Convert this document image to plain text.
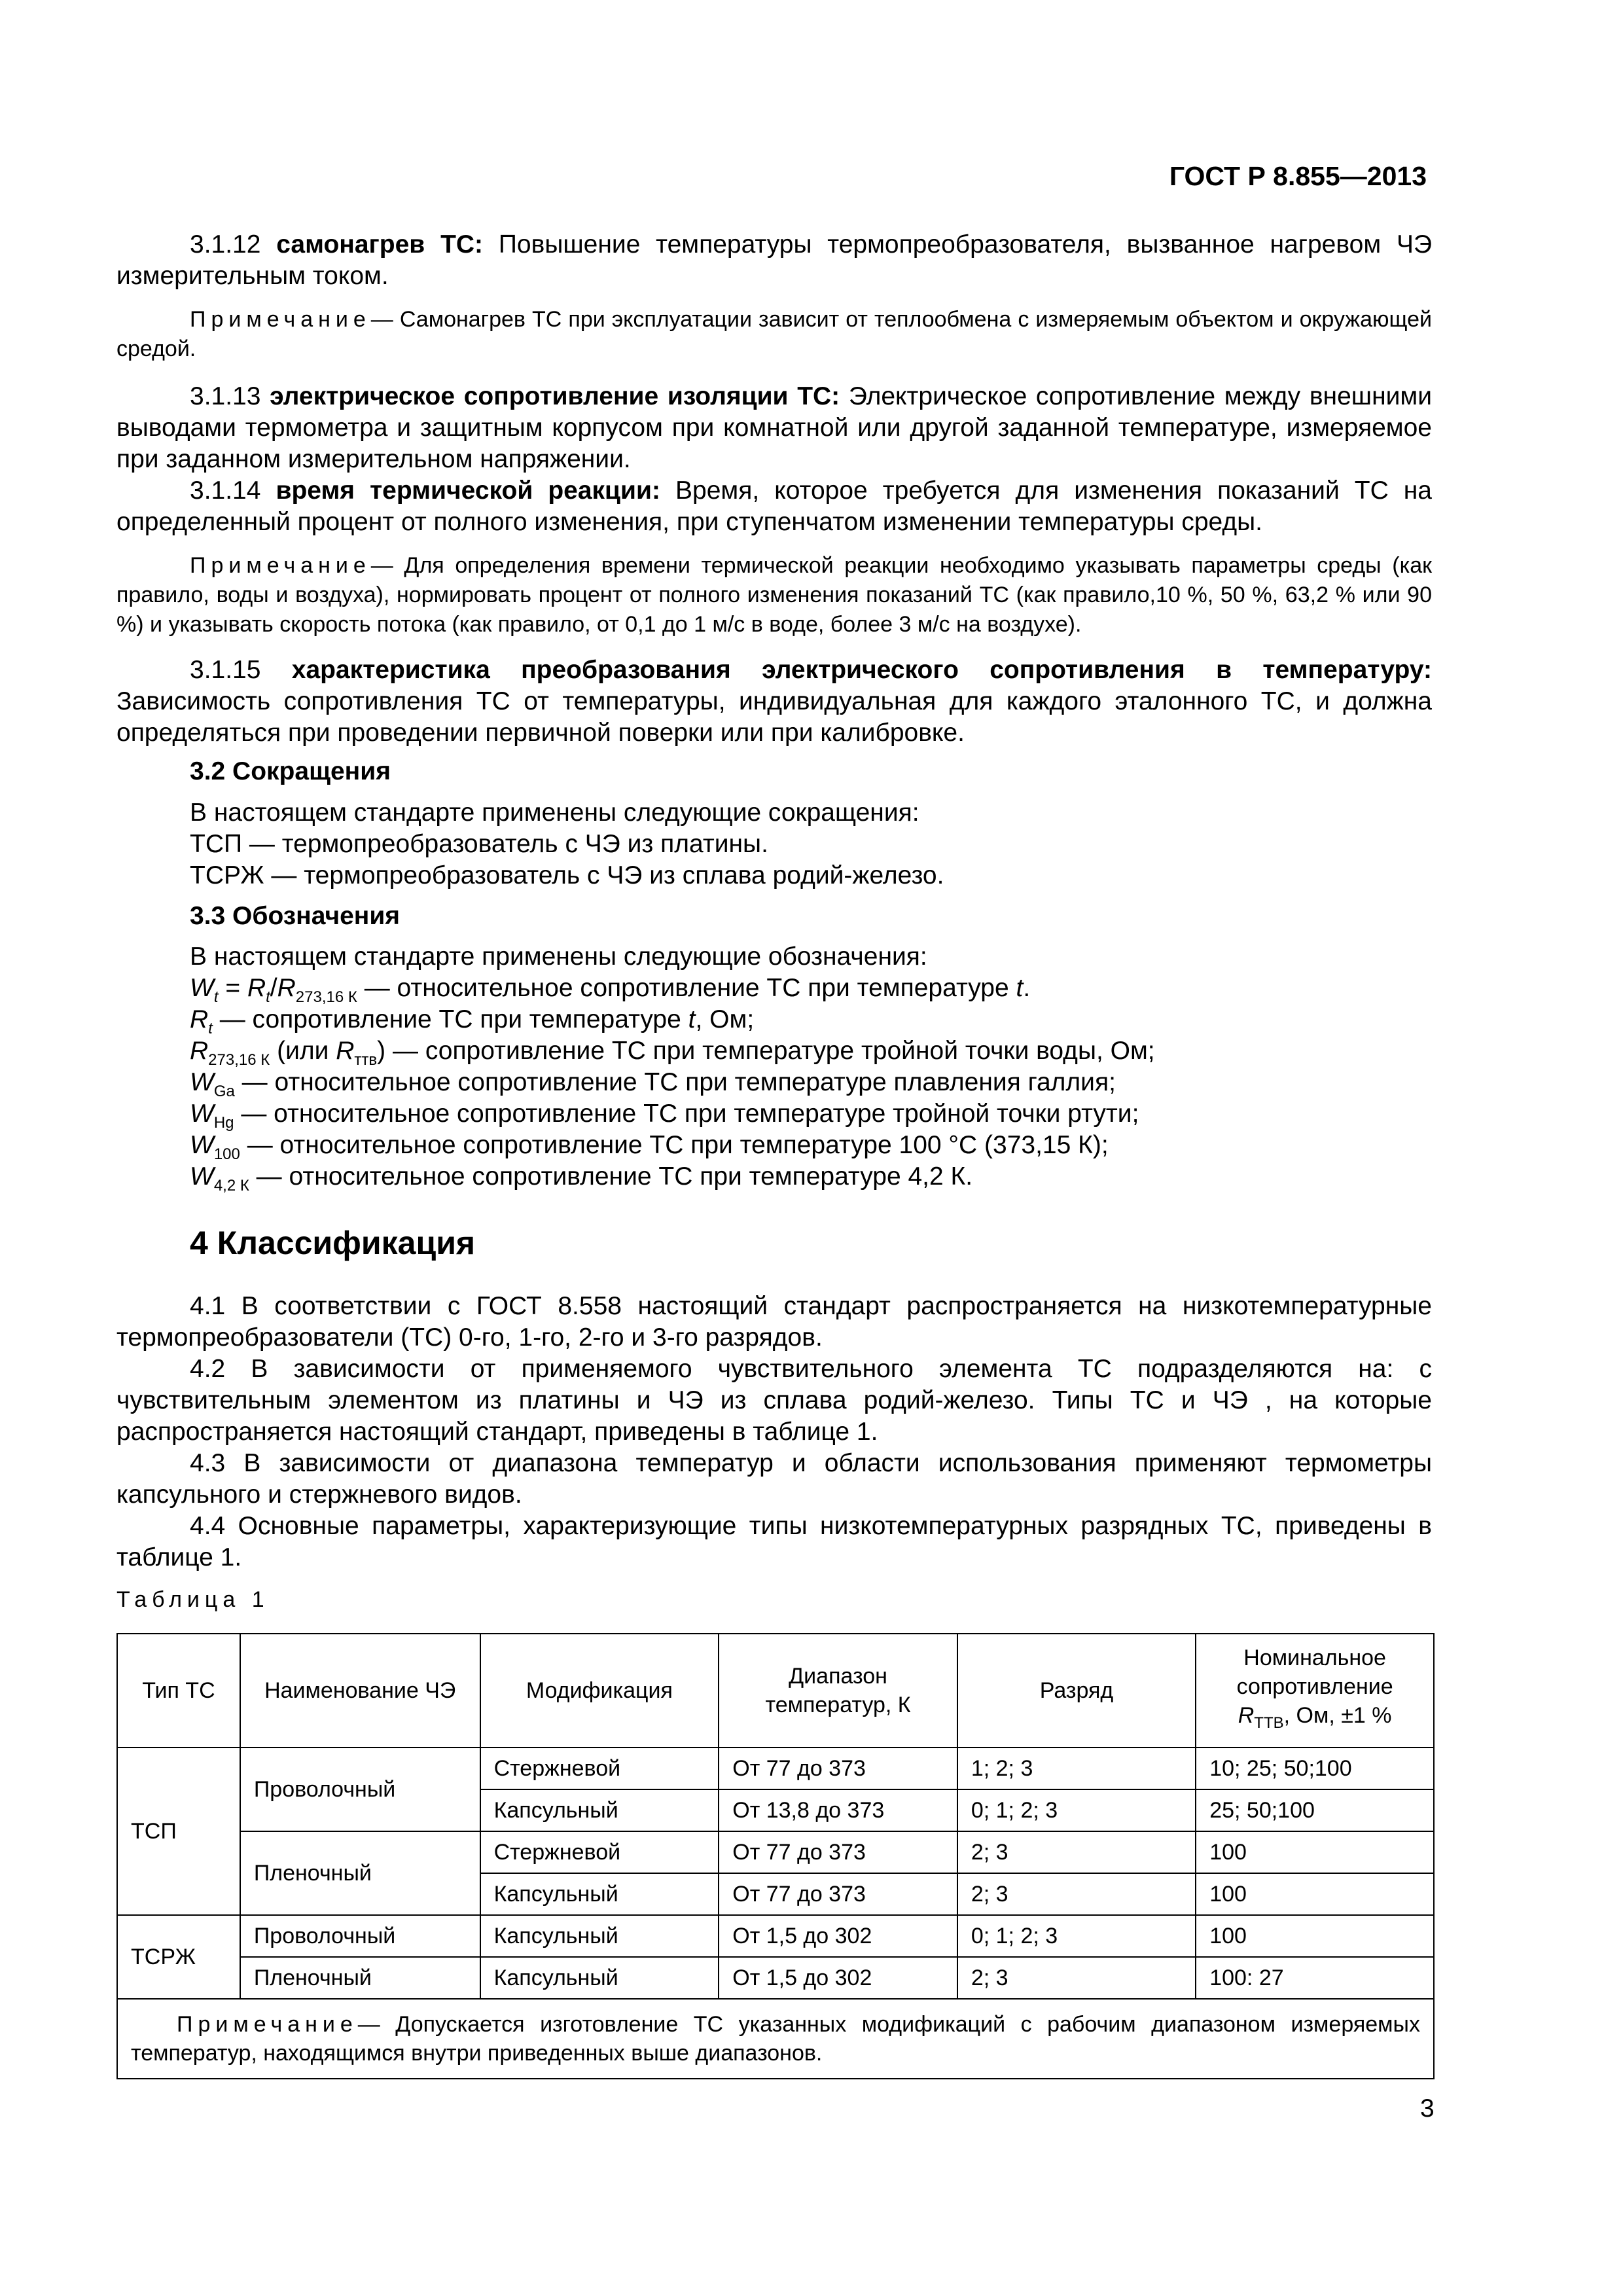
ГОСТ Р 8.855—2013
3.1.12 самонагрев ТС: Повышение температуры термопреобразователя, вызванное нагревом ЧЭ измерительным током.
Примечание— Самонагрев ТС при эксплуатации зависит от теплообмена с измеряемым объектом и окружающей средой.
3.1.13 электрическое сопротивление изоляции ТС: Электрическое сопротивление между внешними выводами термометра и защитным корпусом при комнатной или другой заданной температуре, измеряемое при заданном измерительном напряжении.
3.1.14 время термической реакции: Время, которое требуется для изменения показаний ТС на определенный процент от полного изменения, при ступенчатом изменении температуры среды.
Примечание— Для определения времени термической реакции необходимо указывать параметры среды (как правило, воды и воздуха), нормировать процент от полного изменения показаний ТС (как правило,10 %, 50 %, 63,2 % или 90 %) и указывать скорость потока (как правило, от 0,1 до 1 м/с в воде, более 3 м/с на воздухе).
3.1.15 характеристика преобразования электрического сопротивления в температуру: Зависимость сопротивления ТС от температуры, индивидуальная для каждого эталонного ТС, и должна определяться при проведении первичной поверки или при калибровке.
3.2 Сокращения
В настоящем стандарте применены следующие сокращения:
ТСП — термопреобразователь с ЧЭ из платины.
ТСРЖ — термопреобразователь с ЧЭ из сплава родий-железо.
3.3 Обозначения
В настоящем стандарте применены следующие обозначения:
$W_t = R_t/R_{273,16 К}$ — относительное сопротивление ТС при температуре t.
$R_t$ — сопротивление ТС при температуре t, Ом;
$R_{273,16 К}$ (или $R_{ттв}$) — сопротивление ТС при температуре тройной точки воды, Ом;
$W_{Ga}$ — относительное сопротивление ТС при температуре плавления галлия;
$W_{Hg}$ — относительное сопротивление ТС при температуре тройной точки ртути;
$W_{100}$ — относительное сопротивление ТС при температуре 100 °С (373,15 К);
$W_{4,2 К}$ — относительное сопротивление ТС при температуре 4,2 К.
4 Классификация
4.1 В соответствии с ГОСТ 8.558 настоящий стандарт распространяется на низкотемпературные термопреобразователи (ТС) 0-го, 1-го, 2-го и 3-го разрядов.
4.2 В зависимости от применяемого чувствительного элемента ТС подразделяются на: с чувствительным элементом из платины и ЧЭ из сплава родий-железо. Типы ТС и ЧЭ , на которые распространяется настоящий стандарт, приведены в таблице 1.
4.3 В зависимости от диапазона температур и области использования применяют термометры капсульного и стержневого видов.
4.4 Основные параметры, характеризующие типы низкотемпературных разрядных ТС, приведены в таблице 1.
Таблица 1
Тип ТС	Наименование ЧЭ	Модификация	Диапазон температур, К	Разряд	Номинальное сопротивление $R_{ТТВ}$, Ом, ±1 %
ТСП	Проволочный	Стержневой	От 77 до 373	1; 2; 3	10; 25; 50;100
		Капсульный	От 13,8 до 373	0; 1; 2; 3	25; 50;100
	Пленочный	Стержневой	От 77 до 373	2; 3	100
		Капсульный	От 77 до 373	2; 3	100
ТСРЖ	Проволочный	Капсульный	От 1,5 до 302	0; 1; 2; 3	100
	Пленочный	Капсульный	От 1,5 до 302	2; 3	100: 27
Примечание— Допускается изготовление ТС указанных модификаций с рабочим диапазоном измеряемых температур, находящимся внутри приведенных выше диапазонов.					
3
